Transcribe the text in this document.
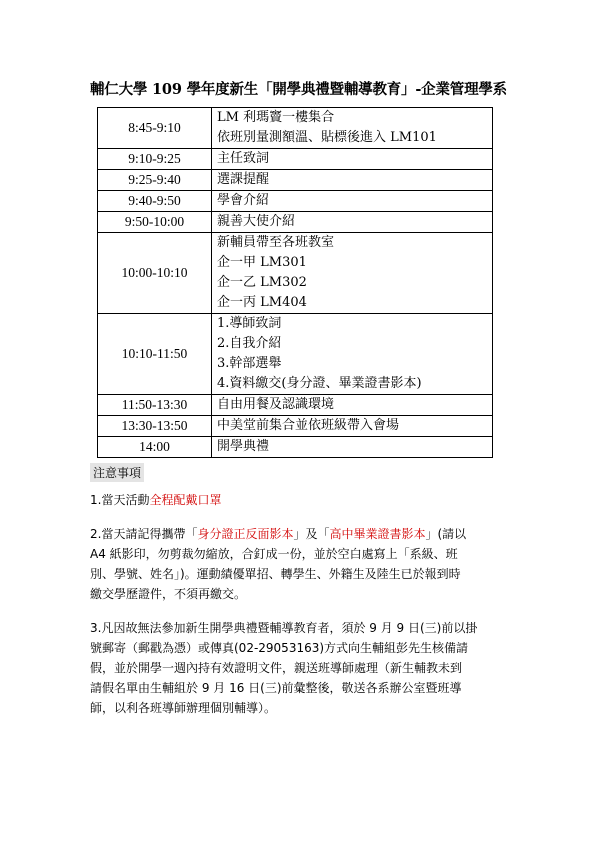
輔仁大學 109 學年度新生「開學典禮暨輔導教育」-企業管理學系
8:45-9:10	LM 利瑪竇一樓集合
依班別量測額溫、貼標後進入 LM101

9:10-9:25	主任致詞

9:25-9:40	選課提醒

9:40-9:50	學會介紹

9:50-10:00	親善大使介紹

10:00-10:10	新輔員帶至各班教室
企一甲 LM301
企一乙 LM302
企一丙 LM404

10:10-11:50	1.導師致詞
2.自我介紹
3.幹部選舉
4.資料繳交(身分證、畢業證書影本)

11:50-13:30	自由用餐及認識環境

13:30-13:50	中美堂前集合並依班級帶入會場

14:00	開學典禮
注意事項
1.當天活動全程配戴口罩
2.當天請記得攜帶「身分證正反面影本」及「高中畢業證書影本」(請以
A4 紙影印，勿剪裁勿縮放，合釘成一份，並於空白處寫上「系級、班
別、學號、姓名」)。運動績優單招、轉學生、外籍生及陸生已於報到時
繳交學歷證件，不須再繳交。
3.凡因故無法參加新生開學典禮暨輔導教育者，須於 9 月 9 日(三)前以掛
號郵寄（郵戳為憑）或傳真(02-29053163)方式向生輔組彭先生核備請
假，並於開學一週內持有效證明文件，親送班導師處理（新生輔教未到
請假名單由生輔組於 9 月 16 日(三)前彙整後，敬送各系辦公室暨班導
師，以利各班導師辦理個別輔導）。
